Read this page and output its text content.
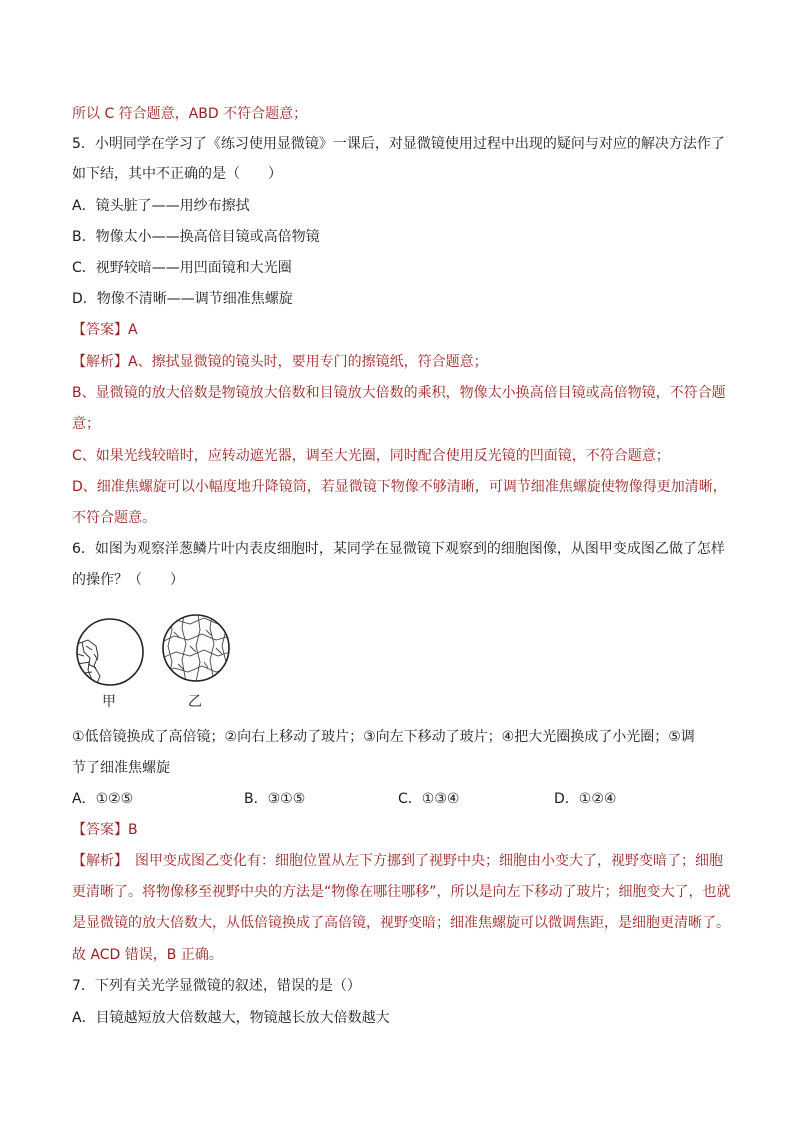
所以 C 符合题意，ABD 不符合题意；
5．小明同学在学习了《练习使用显微镜》一课后，对显微镜使用过程中出现的疑问与对应的解决方法作了
如下结，其中不正确的是（　　）
A．镜头脏了——用纱布擦拭
B．物像太小——换高倍目镜或高倍物镜
C．视野较暗——用凹面镜和大光圈
D．物像不清晰——调节细准焦螺旋
【答案】A
【解析】A、擦拭显微镜的镜头时，要用专门的擦镜纸，符合题意；
B、显微镜的放大倍数是物镜放大倍数和目镜放大倍数的乘积，物像太小换高倍目镜或高倍物镜，不符合题
意；
C、如果光线较暗时，应转动遮光器，调至大光圈，同时配合使用反光镜的凹面镜，不符合题意；
D、细准焦螺旋可以小幅度地升降镜筒，若显微镜下物像不够清晰，可调节细准焦螺旋使物像得更加清晰，
不符合题意。
6．如图为观察洋葱鳞片叶内表皮细胞时，某同学在显微镜下观察到的细胞图像，从图甲变成图乙做了怎样
的操作？（　　）
甲	乙
①低倍镜换成了高倍镜；②向右上移动了玻片；③向左下移动了玻片；④把大光圈换成了小光圈；⑤调
节了细准焦螺旋
A．①②⑤	B．③①⑤	C．①③④	D．①②④
【答案】B
【解析】　图甲变成图乙变化有：细胞位置从左下方挪到了视野中央；细胞由小变大了，视野变暗了；细胞
更清晰了。将物像移至视野中央的方法是“物像在哪往哪移”，所以是向左下移动了玻片；细胞变大了，也就
是显微镜的放大倍数大，从低倍镜换成了高倍镜，视野变暗；细准焦螺旋可以微调焦距，是细胞更清晰了。
故 ACD 错误，B 正确。
7．下列有关光学显微镜的叙述，错误的是（）
A．目镜越短放大倍数越大，物镜越长放大倍数越大
